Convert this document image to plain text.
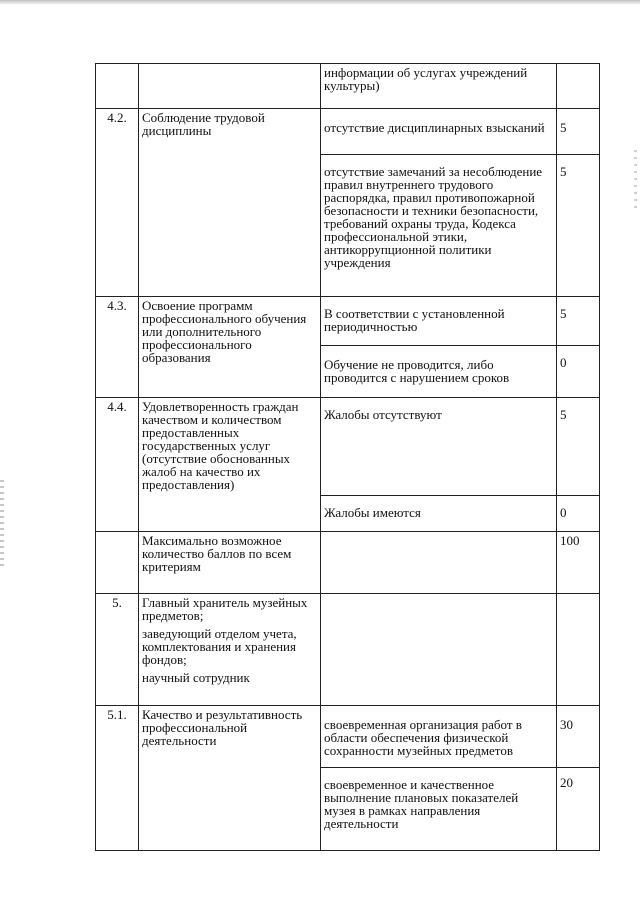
		информации об услугах учреждений культуры)	
4.2.	Соблюдение трудовой дисциплины	отсутствие дисциплинарных взысканий	5
		отсутствие замечаний за несоблюдение правил внутреннего трудового распорядка, правил противопожарной безопасности и техники безопасности, требований охраны труда, Кодекса профессиональной этики, антикоррупционной политики учреждения	5
4.3.	Освоение программ профессионального обучения или дополнительного профессионального образования	В соответствии с установленной периодичностью	5
		Обучение не проводится, либо проводится с нарушением сроков	0
4.4.	Удовлетворенность граждан качеством и количеством предоставленных государственных услуг (отсутствие обоснованных жалоб на качество их предоставления)	Жалобы отсутствуют	5
		Жалобы имеются	0
	Максимально возможное количество баллов по всем критериям		100
5.	Главный хранитель музейных предметов;
заведующий отделом учета, комплектования и хранения фондов;
научный сотрудник		

5.1.	Качество и результативность профессиональной деятельности	своевременная организация работ в области обеспечения физической сохранности музейных предметов	30
		своевременное и качественное выполнение плановых показателей музея в рамках направления деятельности	20
